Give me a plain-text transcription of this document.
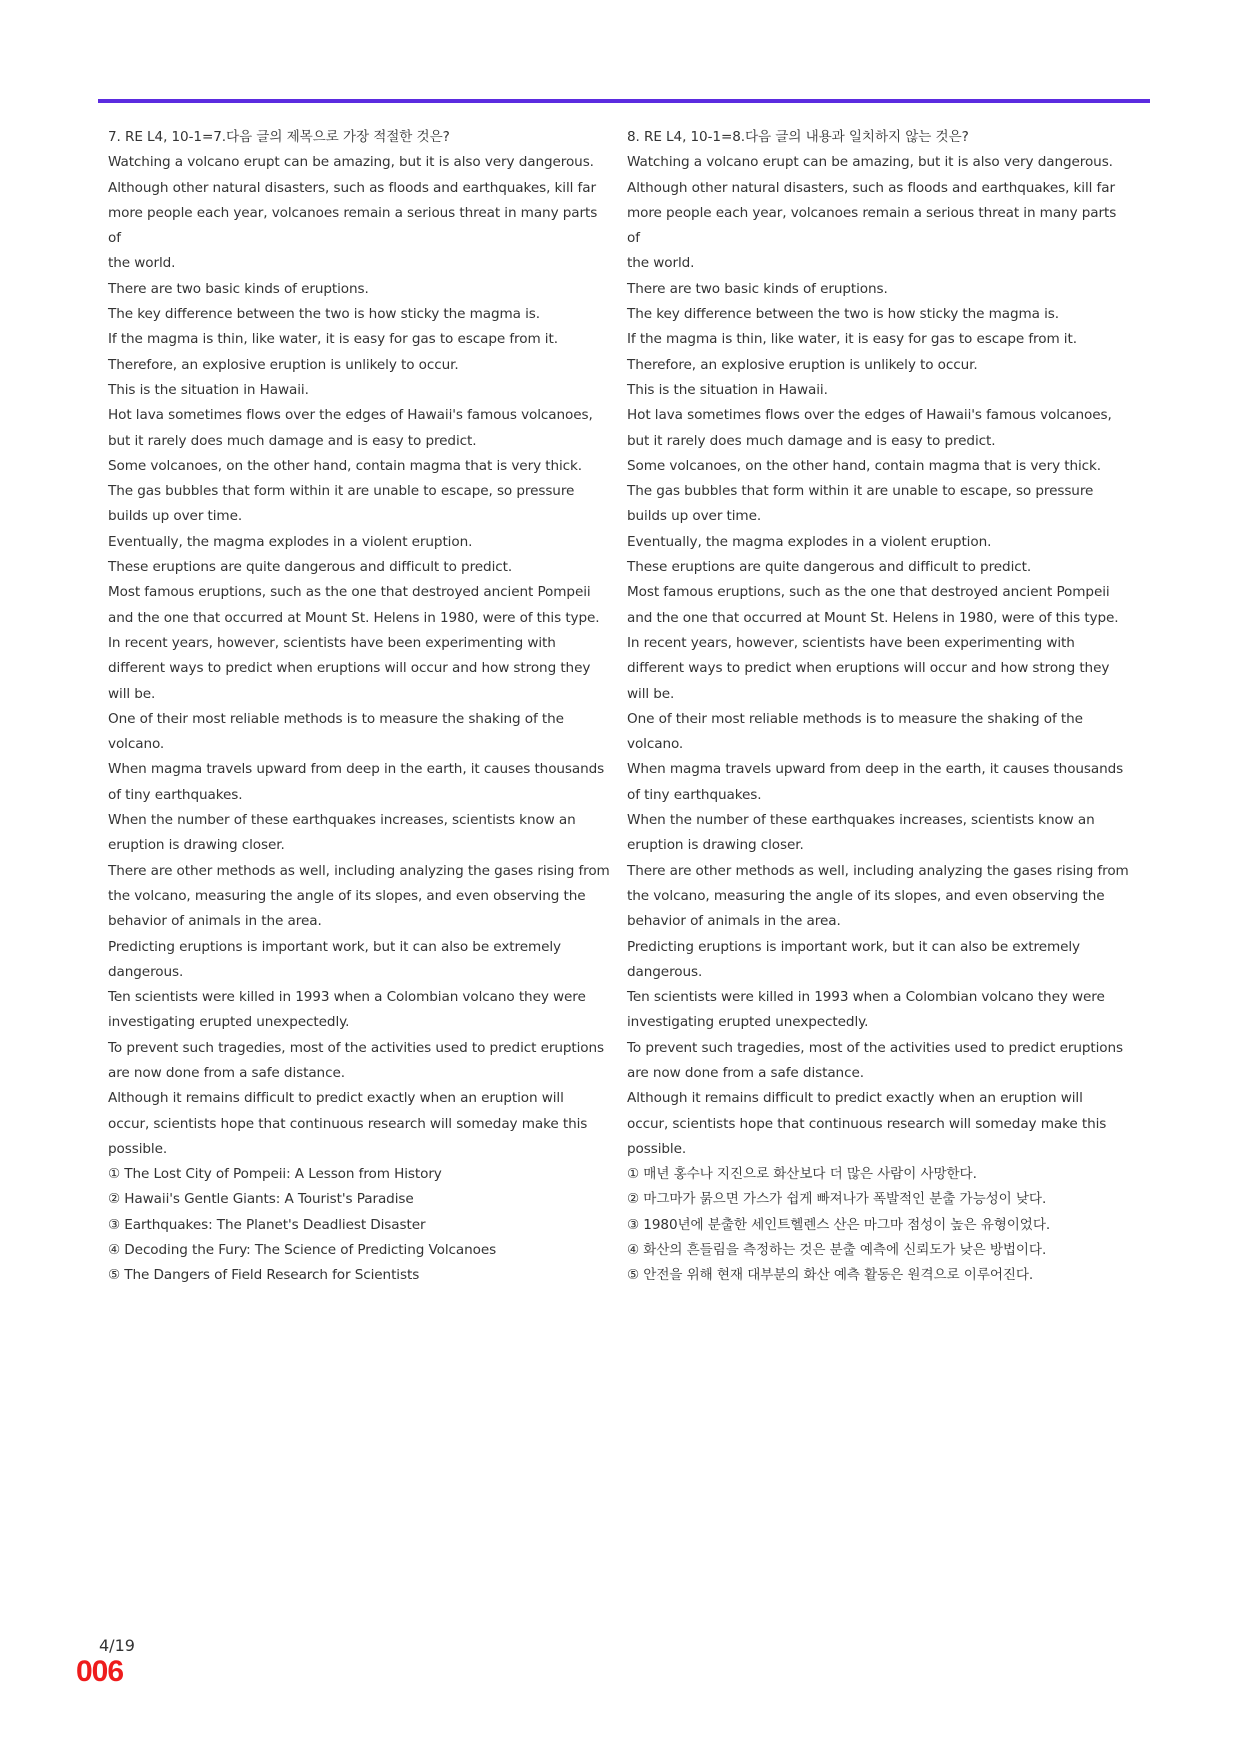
7. RE L4, 10-1=7.다음 글의 제목으로 가장 적절한 것은?

Watching a volcano erupt can be amazing, but it is also very dangerous.

Although other natural disasters, such as floods and earthquakes, kill far

more people each year, volcanoes remain a serious threat in many parts of

the world.

There are two basic kinds of eruptions.

The key difference between the two is how sticky the magma is.

If the magma is thin, like water, it is easy for gas to escape from it.

Therefore, an explosive eruption is unlikely to occur.

This is the situation in Hawaii.

Hot lava sometimes flows over the edges of Hawaii's famous volcanoes,

but it rarely does much damage and is easy to predict.

Some volcanoes, on the other hand, contain magma that is very thick.

The gas bubbles that form within it are unable to escape, so pressure

builds up over time.

Eventually, the magma explodes in a violent eruption.

These eruptions are quite dangerous and difficult to predict.

Most famous eruptions, such as the one that destroyed ancient Pompeii

and the one that occurred at Mount St. Helens in 1980, were of this type.

In recent years, however, scientists have been experimenting with

different ways to predict when eruptions will occur and how strong they

will be.

One of their most reliable methods is to measure the shaking of the

volcano.

When magma travels upward from deep in the earth, it causes thousands

of tiny earthquakes.

When the number of these earthquakes increases, scientists know an

eruption is drawing closer.

There are other methods as well, including analyzing the gases rising from

the volcano, measuring the angle of its slopes, and even observing the

behavior of animals in the area.

Predicting eruptions is important work, but it can also be extremely

dangerous.

Ten scientists were killed in 1993 when a Colombian volcano they were

investigating erupted unexpectedly.

To prevent such tragedies, most of the activities used to predict eruptions

are now done from a safe distance.

Although it remains difficult to predict exactly when an eruption will

occur, scientists hope that continuous research will someday make this

possible.

① The Lost City of Pompeii: A Lesson from History

② Hawaii's Gentle Giants: A Tourist's Paradise

③ Earthquakes: The Planet's Deadliest Disaster

④ Decoding the Fury: The Science of Predicting Volcanoes

⑤ The Dangers of Field Research for Scientists

8. RE L4, 10-1=8.다음 글의 내용과 일치하지 않는 것은?

Watching a volcano erupt can be amazing, but it is also very dangerous.

Although other natural disasters, such as floods and earthquakes, kill far

more people each year, volcanoes remain a serious threat in many parts of

the world.

There are two basic kinds of eruptions.

The key difference between the two is how sticky the magma is.

If the magma is thin, like water, it is easy for gas to escape from it.

Therefore, an explosive eruption is unlikely to occur.

This is the situation in Hawaii.

Hot lava sometimes flows over the edges of Hawaii's famous volcanoes,

but it rarely does much damage and is easy to predict.

Some volcanoes, on the other hand, contain magma that is very thick.

The gas bubbles that form within it are unable to escape, so pressure

builds up over time.

Eventually, the magma explodes in a violent eruption.

These eruptions are quite dangerous and difficult to predict.

Most famous eruptions, such as the one that destroyed ancient Pompeii

and the one that occurred at Mount St. Helens in 1980, were of this type.

In recent years, however, scientists have been experimenting with

different ways to predict when eruptions will occur and how strong they

will be.

One of their most reliable methods is to measure the shaking of the

volcano.

When magma travels upward from deep in the earth, it causes thousands

of tiny earthquakes.

When the number of these earthquakes increases, scientists know an

eruption is drawing closer.

There are other methods as well, including analyzing the gases rising from

the volcano, measuring the angle of its slopes, and even observing the

behavior of animals in the area.

Predicting eruptions is important work, but it can also be extremely

dangerous.

Ten scientists were killed in 1993 when a Colombian volcano they were

investigating erupted unexpectedly.

To prevent such tragedies, most of the activities used to predict eruptions

are now done from a safe distance.

Although it remains difficult to predict exactly when an eruption will

occur, scientists hope that continuous research will someday make this

possible.

① 매년 홍수나 지진으로 화산보다 더 많은 사람이 사망한다.

② 마그마가 묽으면 가스가 쉽게 빠져나가 폭발적인 분출 가능성이 낮다.

③ 1980년에 분출한 세인트헬렌스 산은 마그마 점성이 높은 유형이었다.

④ 화산의 흔들림을 측정하는 것은 분출 예측에 신뢰도가 낮은 방법이다.

⑤ 안전을 위해 현재 대부분의 화산 예측 활동은 원격으로 이루어진다.

4/19
006
